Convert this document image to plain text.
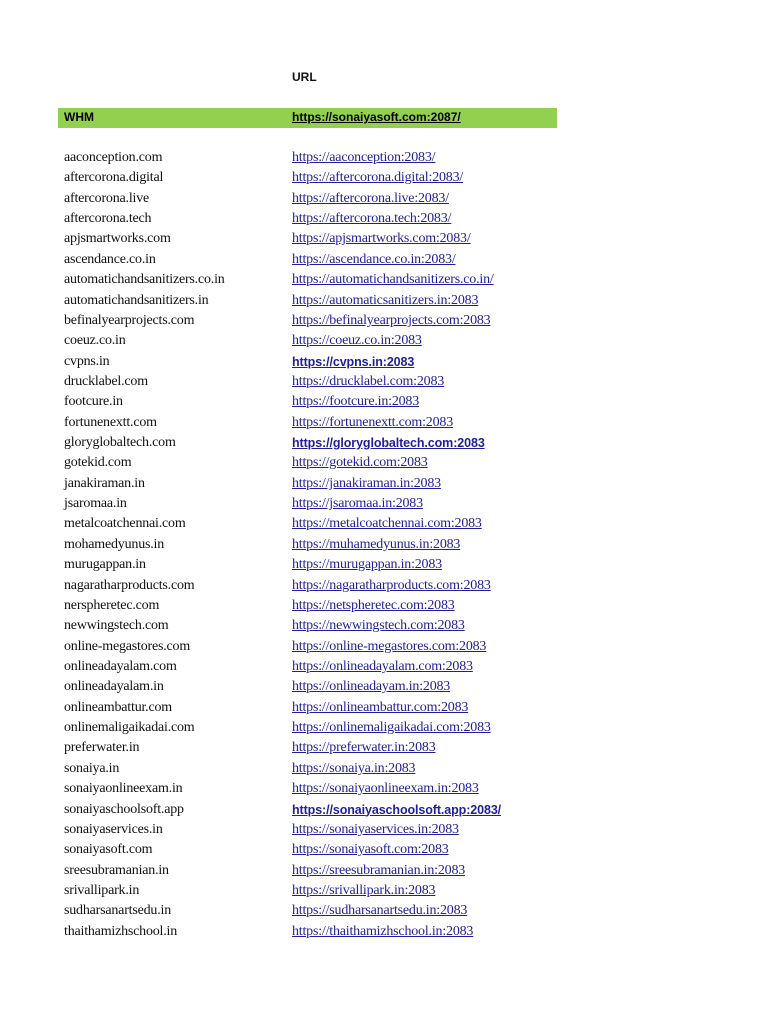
URL
WHM	https://sonaiyasoft.com:2087/
aaconception.com	https://aaconception:2083/
aftercorona.digital	https://aftercorona.digital:2083/
aftercorona.live	https://aftercorona.live:2083/
aftercorona.tech	https://aftercorona.tech:2083/
apjsmartworks.com	https://apjsmartworks.com:2083/
ascendance.co.in	https://ascendance.co.in:2083/
automatichandsanitizers.co.in	https://automatichandsanitizers.co.in/
automatichandsanitizers.in	https://automaticsanitizers.in:2083
befinalyearprojects.com	https://befinalyearprojects.com:2083
coeuz.co.in	https://coeuz.co.in:2083
cvpns.in	https://cvpns.in:2083
drucklabel.com	https://drucklabel.com:2083
footcure.in	https://footcure.in:2083
fortunenextt.com	https://fortunenextt.com:2083
gloryglobaltech.com	https://gloryglobaltech.com:2083
gotekid.com	https://gotekid.com:2083
janakiraman.in	https://janakiraman.in:2083
jsaromaa.in	https://jsaromaa.in:2083
metalcoatchennai.com	https://metalcoatchennai.com:2083
mohamedyunus.in	https://muhamedyunus.in:2083
murugappan.in	https://murugappan.in:2083
nagaratharproducts.com	https://nagaratharproducts.com:2083
nerspheretec.com	https://netspheretec.com:2083
newwingstech.com	https://newwingstech.com:2083
online-megastores.com	https://online-megastores.com:2083
onlineadayalam.com	https://onlineadayalam.com:2083
onlineadayalam.in	https://onlineadayam.in:2083
onlineambattur.com	https://onlineambattur.com:2083
onlinemaligaikadai.com	https://onlinemaligaikadai.com:2083
preferwater.in	https://preferwater.in:2083
sonaiya.in	https://sonaiya.in:2083
sonaiyaonlineexam.in	https://sonaiyaonlineexam.in:2083
sonaiyaschoolsoft.app	https://sonaiyaschoolsoft.app:2083/
sonaiyaservices.in	https://sonaiyaservices.in:2083
sonaiyasoft.com	https://sonaiyasoft.com:2083
sreesubramanian.in	https://sreesubramanian.in:2083
srivallipark.in	https://srivallipark.in:2083
sudharsanartsedu.in	https://sudharsanartsedu.in:2083
thaithamizhschool.in	https://thaithamizhschool.in:2083
